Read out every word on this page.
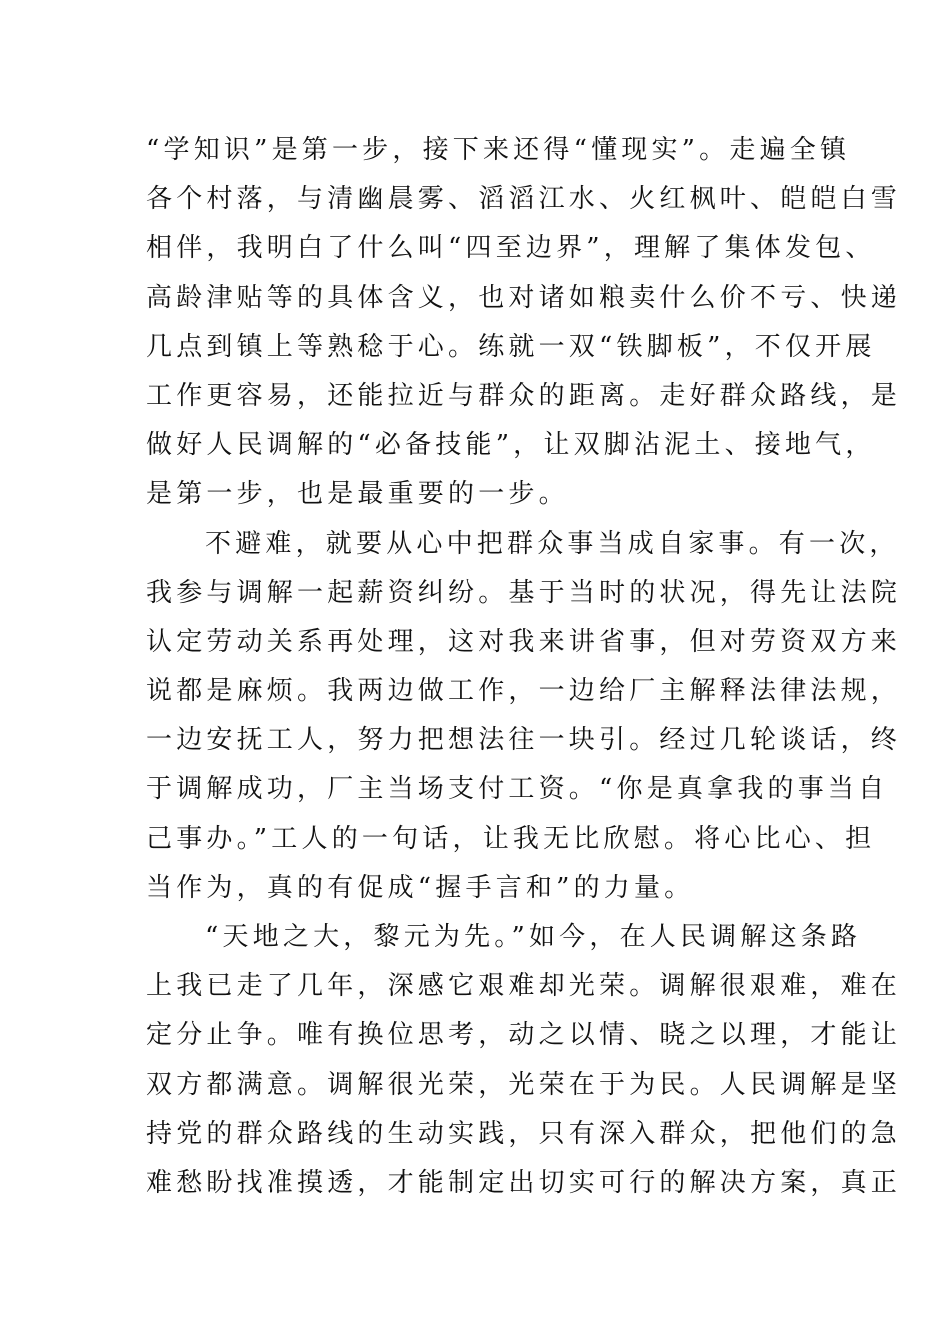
“学知识”是第一步，接下来还得“懂现实”。走遍全镇
各个村落，与清幽晨雾、滔滔江水、火红枫叶、皑皑白雪
相伴，我明白了什么叫“四至边界”，理解了集体发包、
高龄津贴等的具体含义，也对诸如粮卖什么价不亏、快递
几点到镇上等熟稔于心。练就一双“铁脚板”，不仅开展
工作更容易，还能拉近与群众的距离。走好群众路线，是
做好人民调解的“必备技能”，让双脚沾泥土、接地气，
是第一步，也是最重要的一步。
不避难，就要从心中把群众事当成自家事。有一次，
我参与调解一起薪资纠纷。基于当时的状况，得先让法院
认定劳动关系再处理，这对我来讲省事，但对劳资双方来
说都是麻烦。我两边做工作，一边给厂主解释法律法规，
一边安抚工人，努力把想法往一块引。经过几轮谈话，终
于调解成功，厂主当场支付工资。“你是真拿我的事当自
己事办。”工人的一句话，让我无比欣慰。将心比心、担
当作为，真的有促成“握手言和”的力量。
“天地之大，黎元为先。”如今，在人民调解这条路
上我已走了几年，深感它艰难却光荣。调解很艰难，难在
定分止争。唯有换位思考，动之以情、晓之以理，才能让
双方都满意。调解很光荣，光荣在于为民。人民调解是坚
持党的群众路线的生动实践，只有深入群众，把他们的急
难愁盼找准摸透，才能制定出切实可行的解决方案，真正
